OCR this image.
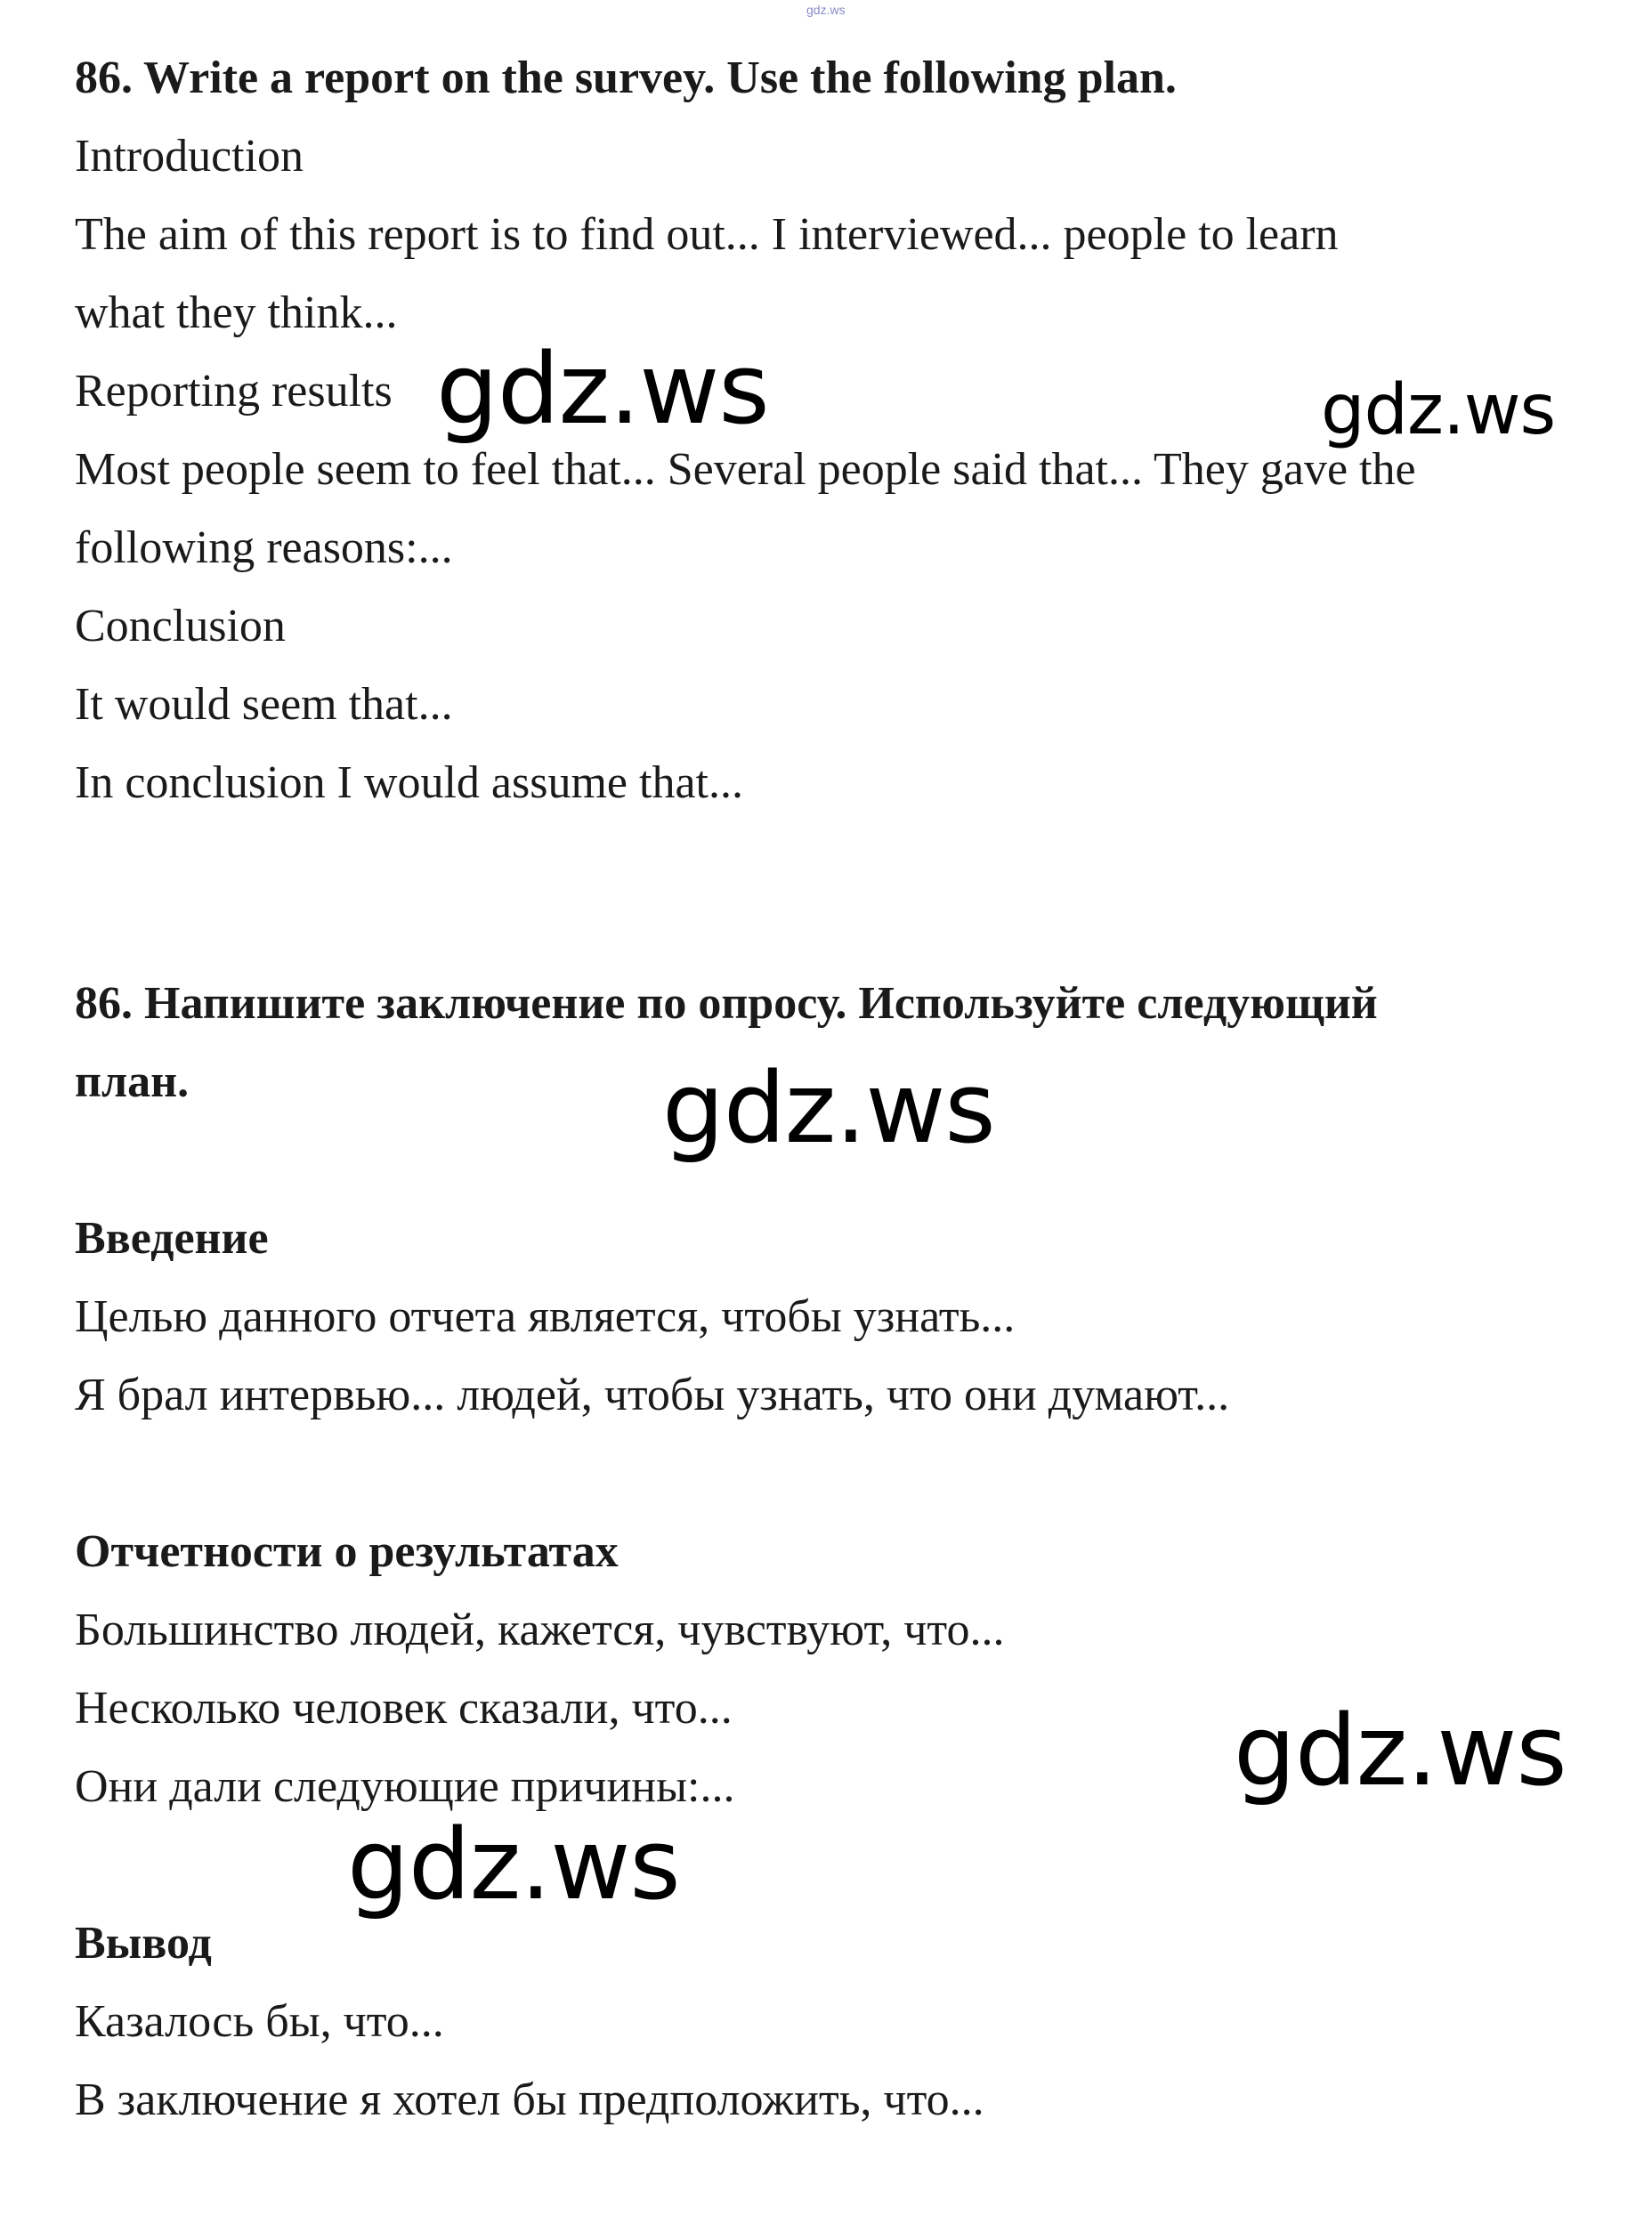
gdz.ws

86. Write a report on the survey. Use the following plan.

Introduction

The aim of this report is to find out... I interviewed... people to learn

what they think...

Reporting results

Most people seem to feel that... Several people said that... They gave the

following reasons:...

Conclusion

It would seem that...

In conclusion I would assume that...

86. Напишите заключение по опросу. Используйте следующий

план.

Введение

Целью данного отчета является, чтобы узнать...

Я брал интервью... людей, чтобы узнать, что они думают...

Отчетности о результатах

Большинство людей, кажется, чувствуют, что...

Несколько человек сказали, что...

Они дали следующие причины:...

Вывод

Казалось бы, что...

В заключение я хотел бы предположить, что...

gdz.ws	gdz.ws

gdz.ws

gdz.ws

gdz.ws
